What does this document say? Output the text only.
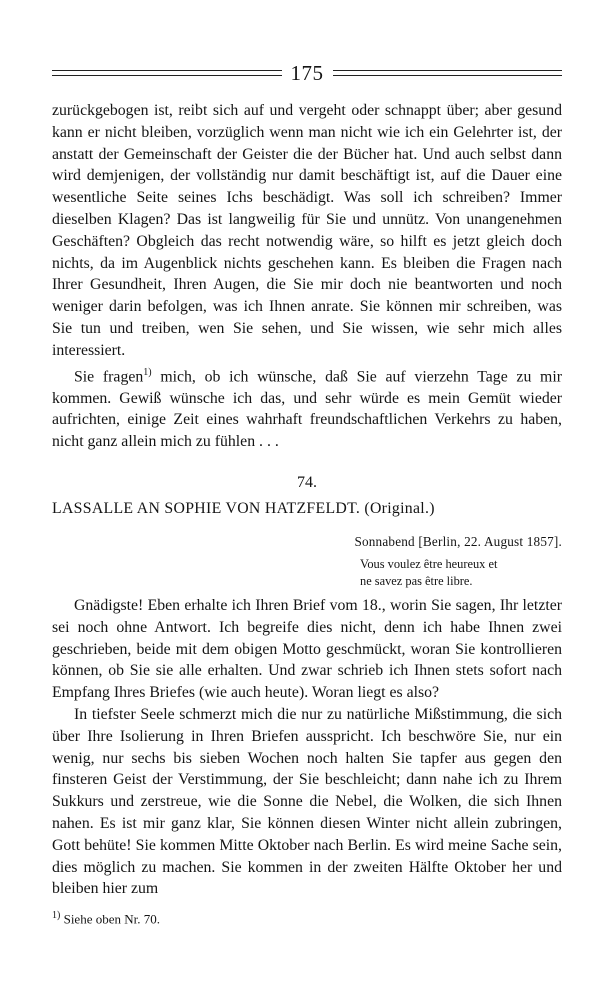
175

zurückgebogen ist, reibt sich auf und vergeht oder schnappt über; aber gesund kann er nicht bleiben, vorzüglich wenn man nicht wie ich ein Gelehrter ist, der anstatt der Gemeinschaft der Geister die der Bücher hat. Und auch selbst dann wird demjenigen, der vollständig nur damit beschäftigt ist, auf die Dauer eine wesentliche Seite seines Ichs beschädigt. Was soll ich schreiben? Immer dieselben Klagen? Das ist langweilig für Sie und unnütz. Von unangenehmen Geschäften? Obgleich das recht notwendig wäre, so hilft es jetzt gleich doch nichts, da im Augenblick nichts geschehen kann. Es bleiben die Fragen nach Ihrer Gesundheit, Ihren Augen, die Sie mir doch nie beantworten und noch weniger darin befolgen, was ich Ihnen anrate. Sie können mir schreiben, was Sie tun und treiben, wen Sie sehen, und Sie wissen, wie sehr mich alles interessiert.

Sie fragen$^{1)}$ mich, ob ich wünsche, daß Sie auf vierzehn Tage zu mir kommen. Gewiß wünsche ich das, und sehr würde es mein Gemüt wieder aufrichten, einige Zeit eines wahrhaft freundschaftlichen Verkehrs zu haben, nicht ganz allein mich zu fühlen . . .

74.
LASSALLE AN SOPHIE VON HATZFELDT. (Original.)
Sonnabend [Berlin, 22. August 1857].
Vous voulez être heureux et
ne savez pas être libre.

Gnädigste! Eben erhalte ich Ihren Brief vom 18., worin Sie sagen, Ihr letzter sei noch ohne Antwort. Ich begreife dies nicht, denn ich habe Ihnen zwei geschrieben, beide mit dem obigen Motto geschmückt, woran Sie kontrollieren können, ob Sie sie alle erhalten. Und zwar schrieb ich Ihnen stets sofort nach Empfang Ihres Briefes (wie auch heute). Woran liegt es also?

In tiefster Seele schmerzt mich die nur zu natürliche Mißstimmung, die sich über Ihre Isolierung in Ihren Briefen ausspricht. Ich beschwöre Sie, nur ein wenig, nur sechs bis sieben Wochen noch halten Sie tapfer aus gegen den finsteren Geist der Verstimmung, der Sie beschleicht; dann nahe ich zu Ihrem Sukkurs und zerstreue, wie die Sonne die Nebel, die Wolken, die sich Ihnen nahen. Es ist mir ganz klar, Sie können diesen Winter nicht allein zubringen, Gott behüte! Sie kommen Mitte Oktober nach Berlin. Es wird meine Sache sein, dies möglich zu machen. Sie kommen in der zweiten Hälfte Oktober her und bleiben hier zum

$^{1)}$ Siehe oben Nr. 70.
